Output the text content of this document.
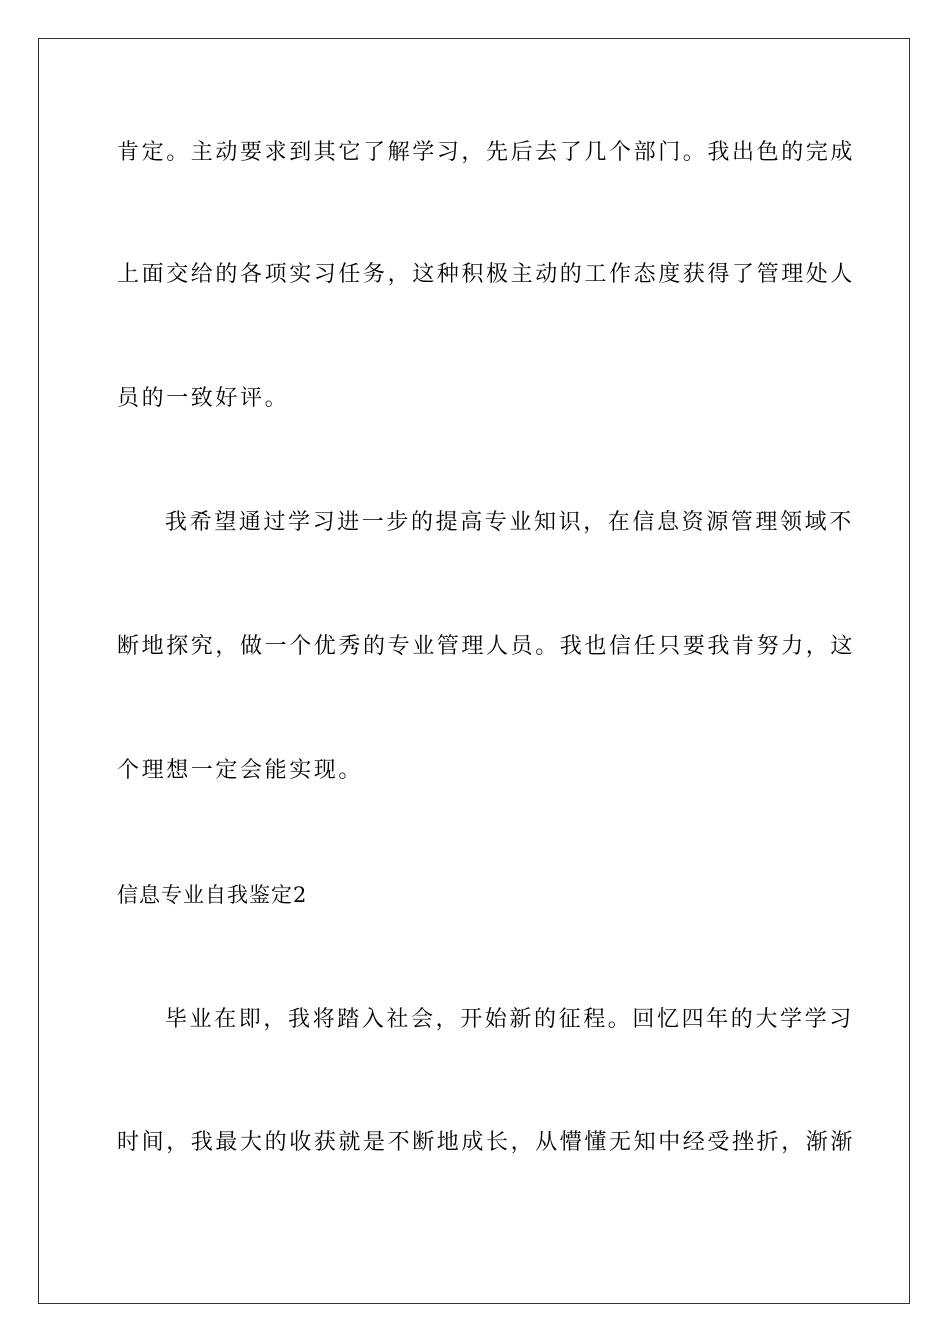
肯定。主动要求到其它了解学习，先后去了几个部门。我出色的完成
上面交给的各项实习任务，这种积极主动的工作态度获得了管理处人
员的一致好评。
我希望通过学习进一步的提高专业知识，在信息资源管理领域不
断地探究，做一个优秀的专业管理人员。我也信任只要我肯努力，这
个理想一定会能实现。
信息专业自我鉴定2
毕业在即，我将踏入社会，开始新的征程。回忆四年的大学学习
时间，我最大的收获就是不断地成长，从懵懂无知中经受挫折，渐渐
